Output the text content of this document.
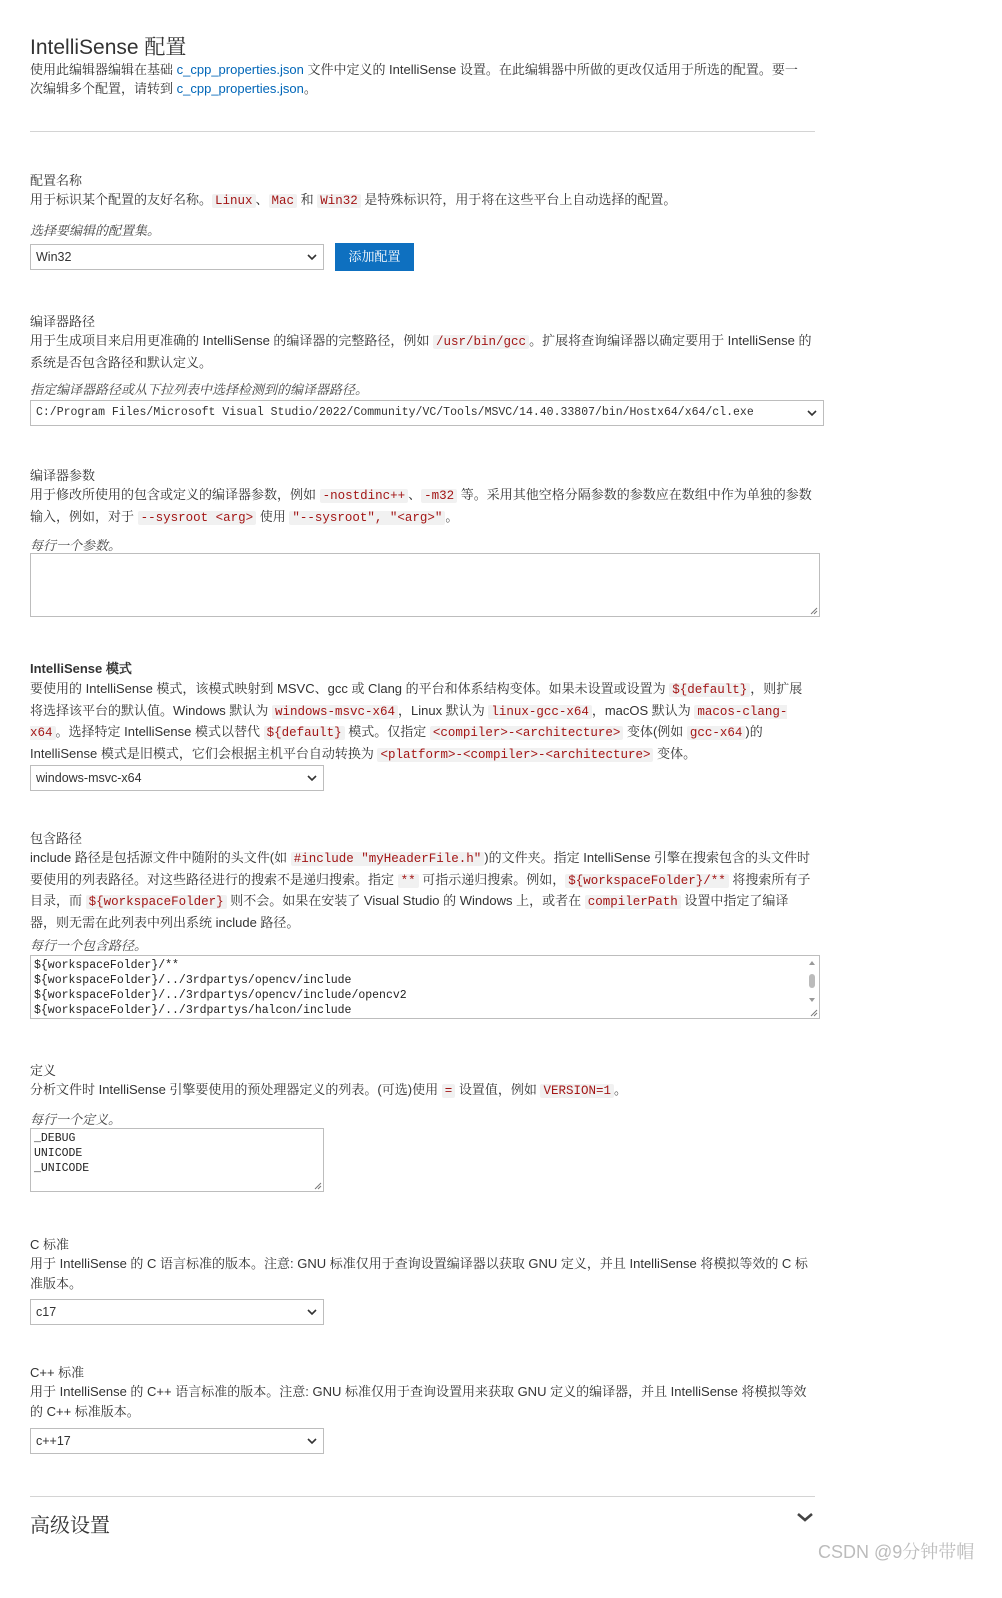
IntelliSense 配置
使用此编辑器编辑在基础 c_cpp_properties.json 文件中定义的 IntelliSense 设置。在此编辑器中所做的更改仅适用于所选的配置。要一次编辑多个配置，请转到 c_cpp_properties.json。
配置名称
用于标识某个配置的友好名称。 Linux 、 Mac 和 Win32 是特殊标识符，用于将在这些平台上自动选择的配置。
选择要编辑的配置集。
Win32	添加配置
编译器路径
用于生成项目来启用更准确的 IntelliSense 的编译器的完整路径，例如 /usr/bin/gcc 。扩展将查询编译器以确定要用于 IntelliSense 的系统是否包含路径和默认定义。
指定编译器路径或从下拉列表中选择检测到的编译器路径。
C:/Program Files/Microsoft Visual Studio/2022/Community/VC/Tools/MSVC/14.40.33807/bin/Hostx64/x64/cl.exe
编译器参数
用于修改所使用的包含或定义的编译器参数，例如 -nostdinc++ 、 -m32 等。采用其他空格分隔参数的参数应在数组中作为单独的参数输入，例如，对于 --sysroot <arg> 使用 "--sysroot", "<arg>" 。
每行一个参数。
IntelliSense 模式
要使用的 IntelliSense 模式，该模式映射到 MSVC、gcc 或 Clang 的平台和体系结构变体。如果未设置或设置为 ${default} ，则扩展将选择该平台的默认值。Windows 默认为 windows-msvc-x64 ，Linux 默认为 linux-gcc-x64 ，macOS 默认为 macos-clang-x64 。选择特定 IntelliSense 模式以替代 ${default} 模式。仅指定 <compiler>-<architecture> 变体(例如 gcc-x64 )的 IntelliSense 模式是旧模式，它们会根据主机平台自动转换为 <platform>-<compiler>-<architecture> 变体。
windows-msvc-x64
包含路径
include 路径是包括源文件中随附的头文件(如 #include "myHeaderFile.h" )的文件夹。指定 IntelliSense 引擎在搜索包含的头文件时要使用的列表路径。对这些路径进行的搜索不是递归搜索。指定 ** 可指示递归搜索。例如， ${workspaceFolder}/** 将搜索所有子目录，而 ${workspaceFolder} 则不会。如果在安装了 Visual Studio 的 Windows 上，或者在 compilerPath 设置中指定了编译器，则无需在此列表中列出系统 include 路径。
每行一个包含路径。
${workspaceFolder}/**
${workspaceFolder}/../3rdpartys/opencv/include
${workspaceFolder}/../3rdpartys/opencv/include/opencv2
${workspaceFolder}/../3rdpartys/halcon/include
定义
分析文件时 IntelliSense 引擎要使用的预处理器定义的列表。(可选)使用 = 设置值，例如 VERSION=1 。
每行一个定义。
_DEBUG
UNICODE
_UNICODE
C 标准
用于 IntelliSense 的 C 语言标准的版本。注意: GNU 标准仅用于查询设置编译器以获取 GNU 定义，并且 IntelliSense 将模拟等效的 C 标准版本。
c17
C++ 标准
用于 IntelliSense 的 C++ 语言标准的版本。注意: GNU 标准仅用于查询设置用来获取 GNU 定义的编译器，并且 IntelliSense 将模拟等效的 C++ 标准版本。
c++17
高级设置
CSDN @9分钟带帽
